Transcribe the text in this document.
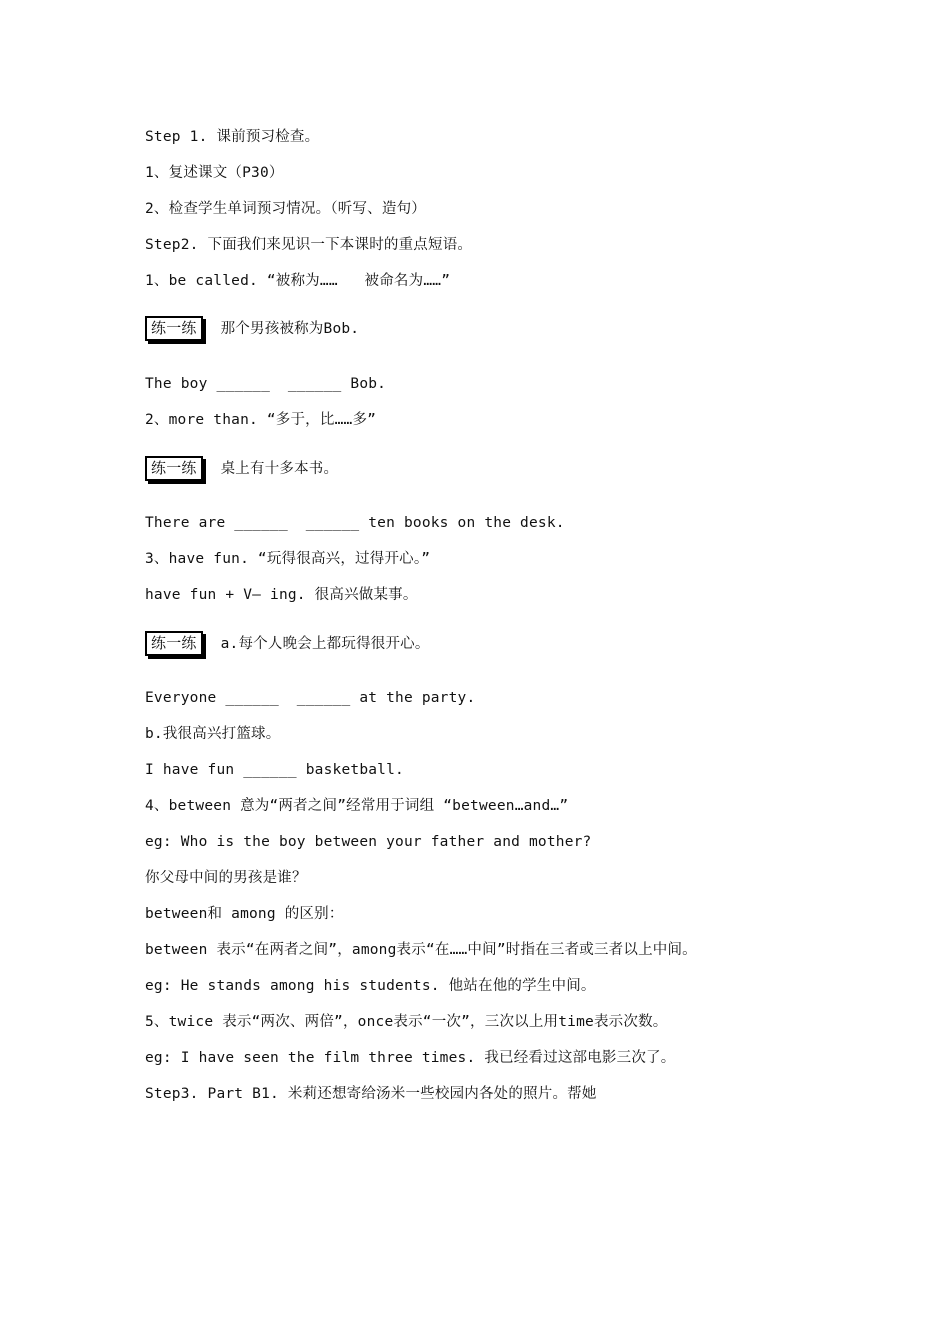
Step 1. 课前预习检查。
1、复述课文（P30）
2、检查学生单词预习情况。（听写、造句）
Step2. 下面我们来见识一下本课时的重点短语。
1、be called. “被称为……   被命名为……”
练一练	那个男孩被称为Bob.
The boy ______  ______ Bob.
2、more than. “多于，比……多”
练一练	桌上有十多本书。
There are ______  ______ ten books on the desk.
3、have fun. “玩得很高兴，过得开心。”
have fun + V— ing. 很高兴做某事。
练一练	a.每个人晚会上都玩得很开心。
Everyone ______  ______ at the party.
b.我很高兴打篮球。
I have fun ______ basketball.
4、between 意为“两者之间”经常用于词组 “between…and…”
eg: Who is the boy between your father and mother?
你父母中间的男孩是谁？
between和 among 的区别：
between 表示“在两者之间”，among表示“在……中间”时指在三者或三者以上中间。
eg: He stands among his students. 他站在他的学生中间。
5、twice 表示“两次、两倍”，once表示“一次”，三次以上用time表示次数。
eg: I have seen the film three times. 我已经看过这部电影三次了。
Step3. Part B1. 米莉还想寄给汤米一些校园内各处的照片。帮她
